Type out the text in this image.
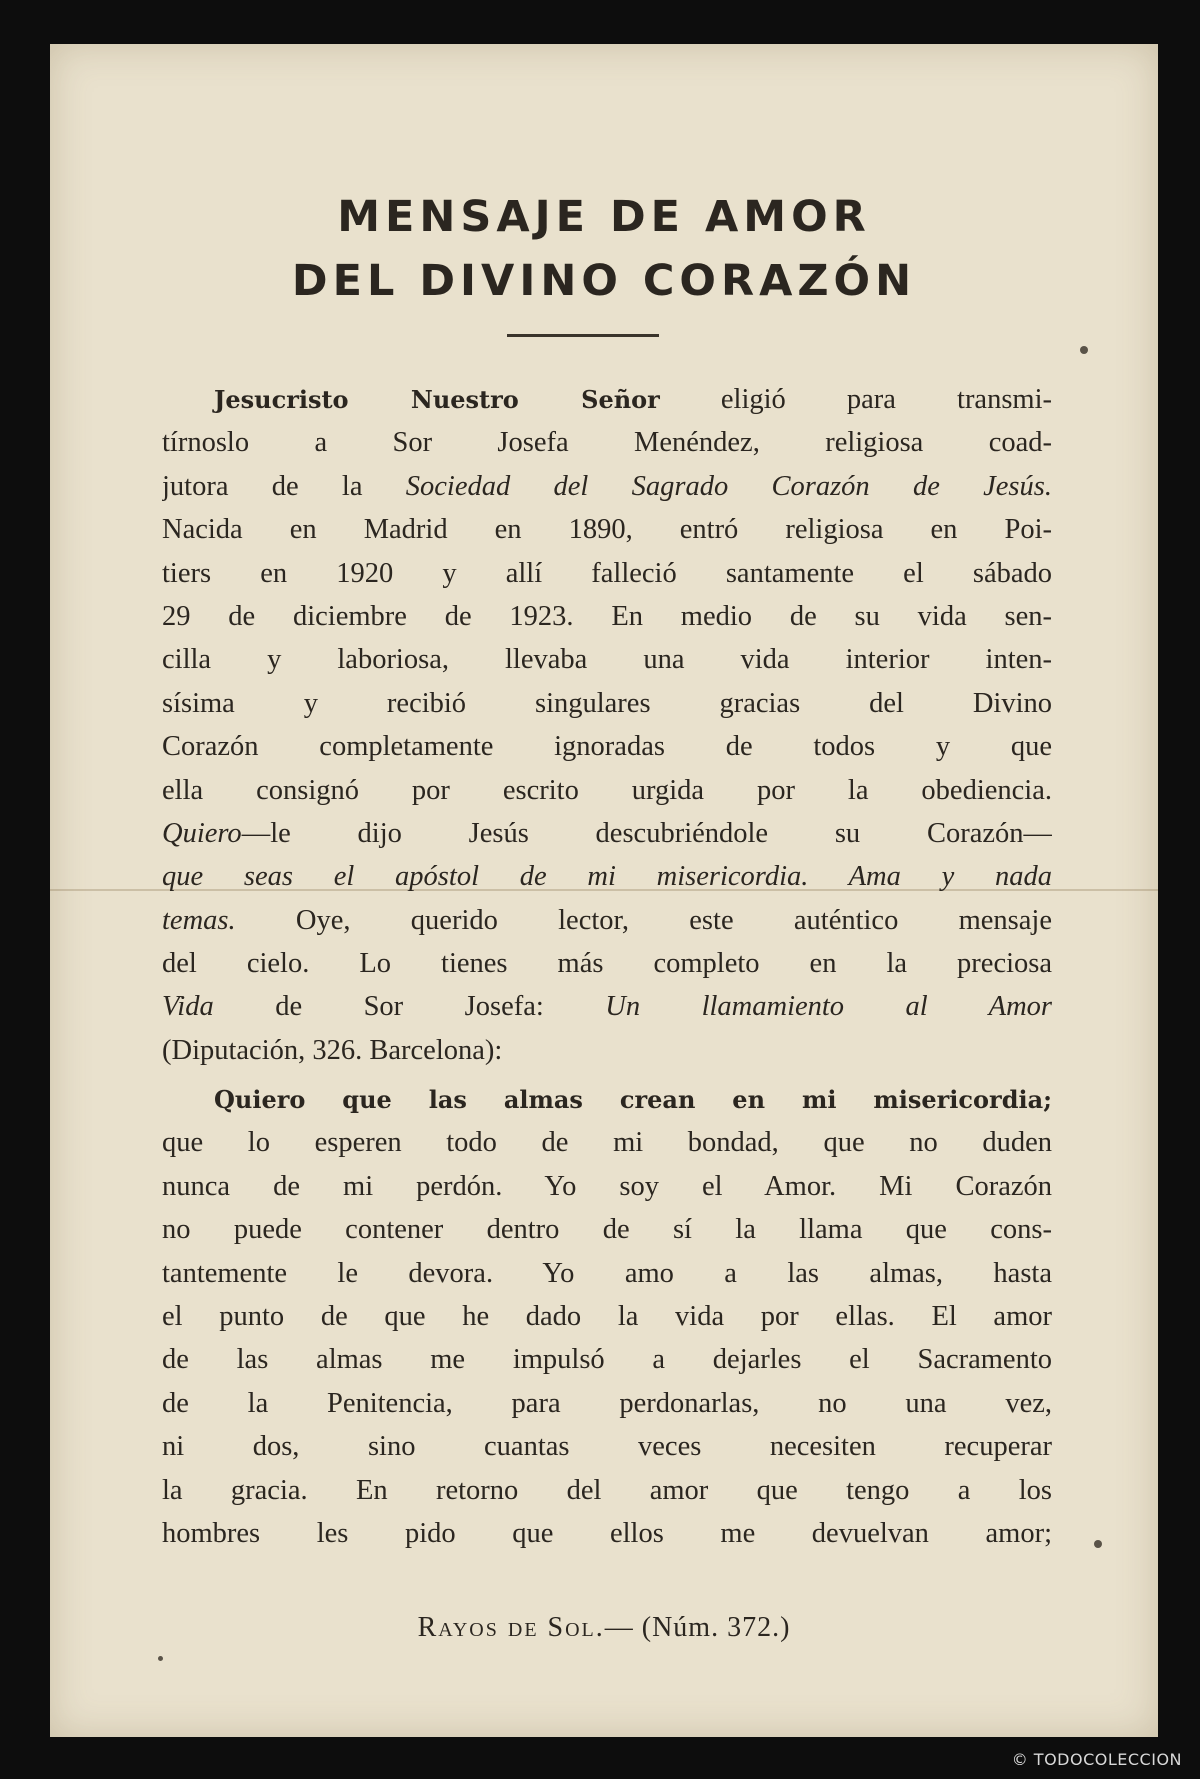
MENSAJE DE AMOR
DEL DIVINO CORAZÓN
Jesucristo Nuestro Señor eligió para transmi-
tírnoslo a Sor Josefa Menéndez, religiosa coad-
jutora de la Sociedad del Sagrado Corazón de Jesús.
Nacida en Madrid en 1890, entró religiosa en Poi-
tiers en 1920 y allí falleció santamente el sábado
29 de diciembre de 1923. En medio de su vida sen-
cilla y laboriosa, llevaba una vida interior inten-
sísima y recibió singulares gracias del Divino
Corazón completamente ignoradas de todos y que
ella consignó por escrito urgida por la obediencia.
Quiero—le dijo Jesús descubriéndole su Corazón—
que seas el apóstol de mi misericordia. Ama y nada
temas. Oye, querido lector, este auténtico mensaje
del cielo. Lo tienes más completo en la preciosa
Vida de Sor Josefa: Un llamamiento al Amor
(Diputación, 326. Barcelona):
Quiero que las almas crean en mi misericordia;
que lo esperen todo de mi bondad, que no duden
nunca de mi perdón. Yo soy el Amor. Mi Corazón
no puede contener dentro de sí la llama que cons-
tantemente le devora. Yo amo a las almas, hasta
el punto de que he dado la vida por ellas. El amor
de las almas me impulsó a dejarles el Sacramento
de la Penitencia, para perdonarlas, no una vez,
ni dos, sino cuantas veces necesiten recuperar
la gracia. En retorno del amor que tengo a los
hombres les pido que ellos me devuelvan amor;
Rayos de Sol.— (Núm. 372.)
© TODOCOLECCION
